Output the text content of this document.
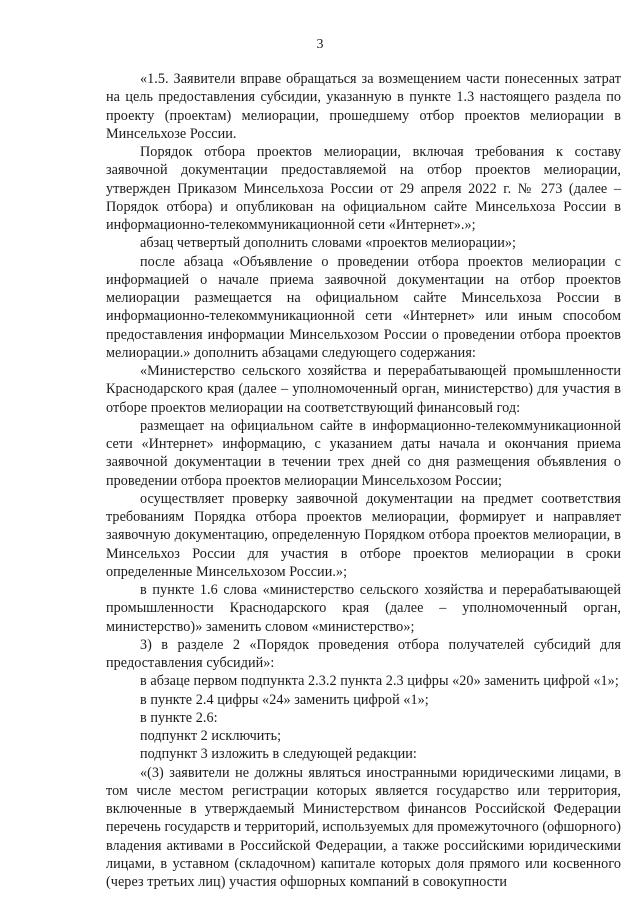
3

«1.5. Заявители вправе обращаться за возмещением части понесенных затрат на цель предоставления субсидии, указанную в пункте 1.3 настоящего раздела по проекту (проектам) мелиорации, прошедшему отбор проектов мелиорации в Минсельхозе России.

Порядок отбора проектов мелиорации, включая требования к составу заявочной документации предоставляемой на отбор проектов мелиорации, утвержден Приказом Минсельхоза России от 29 апреля 2022 г. № 273 (далее – Порядок отбора) и опубликован на официальном сайте Минсельхоза России в информационно-телекоммуникационной сети «Интернет».»;

абзац четвертый дополнить словами «проектов мелиорации»;

после абзаца «Объявление о проведении отбора проектов мелиорации с информацией о начале приема заявочной документации на отбор проектов мелиорации размещается на официальном сайте Минсельхоза России в информационно-телекоммуникационной сети «Интернет» или иным способом предоставления информации Минсельхозом России о проведении отбора проектов мелиорации.» дополнить абзацами следующего содержания:

«Министерство сельского хозяйства и перерабатывающей промышленности Краснодарского края (далее – уполномоченный орган, министерство) для участия в отборе проектов мелиорации на соответствующий финансовый год:

размещает на официальном сайте в информационно-телекоммуникационной сети «Интернет» информацию, с указанием даты начала и окончания приема заявочной документации в течении трех дней со дня размещения объявления о проведении отбора проектов мелиорации Минсельхозом России;

осуществляет проверку заявочной документации на предмет соответствия требованиям Порядка отбора проектов мелиорации, формирует и направляет заявочную документацию, определенную Порядком отбора проектов мелиорации, в Минсельхоз России для участия в отборе проектов мелиорации в сроки определенные Минсельхозом России.»;

в пункте 1.6 слова «министерство сельского хозяйства и перерабатывающей промышленности Краснодарского края (далее – уполномоченный орган, министерство)» заменить словом «министерство»;

3) в разделе 2 «Порядок проведения отбора получателей субсидий для предоставления субсидий»:

в абзаце первом подпункта 2.3.2 пункта 2.3 цифры «20» заменить цифрой «1»;

в пункте 2.4 цифры «24» заменить цифрой «1»;

в пункте 2.6:

подпункт 2 исключить;

подпункт 3 изложить в следующей редакции:

«(3) заявители не должны являться иностранными юридическими лицами, в том числе местом регистрации которых является государство или территория, включенные в утверждаемый Министерством финансов Российской Федерации перечень государств и территорий, используемых для промежуточного (офшорного) владения активами в Российской Федерации, а также российскими юридическими лицами, в уставном (складочном) капитале которых доля прямого или косвенного (через третьих лиц) участия офшорных компаний в совокупности
